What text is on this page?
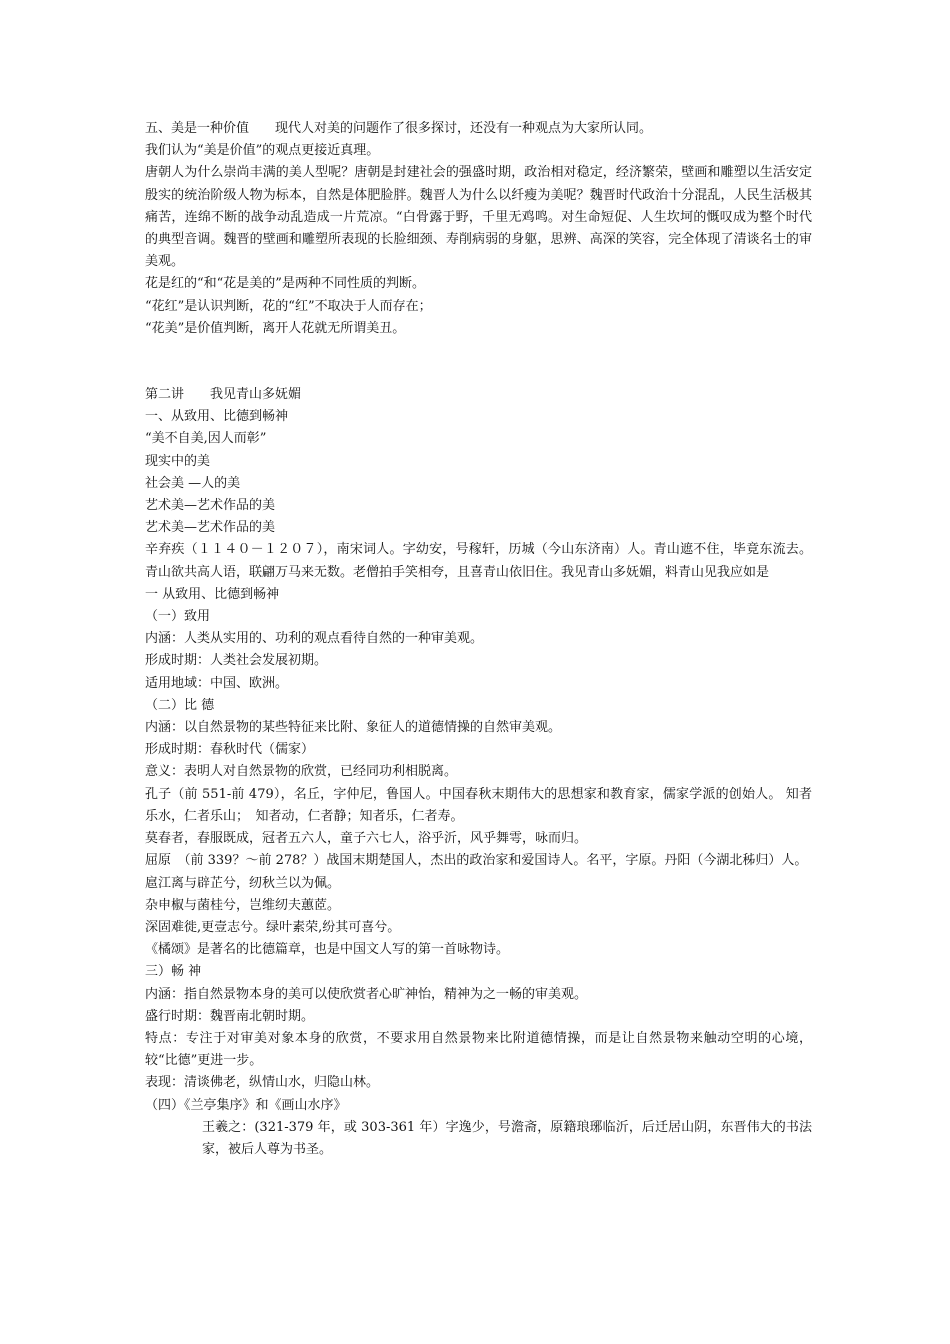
五、美是一种价值　　现代人对美的问题作了很多探讨，还没有一种观点为大家所认同。

我们认为“美是价值”的观点更接近真理。

唐朝人为什么崇尚丰满的美人型呢？唐朝是封建社会的强盛时期，政治相对稳定，经济繁荣，壁画和雕塑以生活安定殷实的统治阶级人物为标本，自然是体肥脸胖。魏晋人为什么以纤瘦为美呢？魏晋时代政治十分混乱，人民生活极其痛苦，连绵不断的战争动乱造成一片荒凉。“白骨露于野，千里无鸡鸣。对生命短促、人生坎坷的慨叹成为整个时代的典型音调。魏晋的壁画和雕塑所表现的长脸细颈、寿削病弱的身躯，思辨、高深的笑容，完全体现了清谈名士的审美观。

花是红的“和“花是美的”是两种不同性质的判断。

“花红”是认识判断，花的“红”不取决于人而存在；

“花美”是价值判断，离开人花就无所谓美丑。

第二讲　　我见青山多妩媚

一、从致用、比德到畅神

“美不自美,因人而彰”

现实中的美

社会美 —人的美

艺术美—艺术作品的美

艺术美—艺术作品的美

辛弃疾（１１４０－１２０７），南宋词人。字幼安，号稼轩，历城（今山东济南）人。青山遮不住，毕竟东流去。青山欲共高人语，联翩万马来无数。老僧拍手笑相夸，且喜青山依旧住。我见青山多妩媚，料青山见我应如是

一 从致用、比德到畅神

（一）致用

内涵：人类从实用的、功利的观点看待自然的一种审美观。

形成时期：人类社会发展初期。

适用地域：中国、欧洲。

（二）比 德

内涵：以自然景物的某些特征来比附、象征人的道德情操的自然审美观。

形成时期：春秋时代（儒家）

意义：表明人对自然景物的欣赏，已经同功利相脱离。

孔子（前 551-前 479），名丘，字仲尼，鲁国人。中国春秋末期伟大的思想家和教育家，儒家学派的创始人。 知者乐水，仁者乐山；　知者动，仁者静；知者乐，仁者寿。

莫春者，春服既成，冠者五六人，童子六七人，浴乎沂，风乎舞雩，咏而归。

屈原　（前 339？～前 278？）战国末期楚国人，杰出的政治家和爱国诗人。名平，字原。丹阳（今湖北秭归）人。

扈江离与辟芷兮，纫秋兰以为佩。

杂申椒与菌桂兮，岂维纫夫蕙茝。

深固难徙,更壹志兮。绿叶素荣,纷其可喜兮。

《橘颂》是著名的比德篇章，也是中国文人写的第一首咏物诗。

三）畅 神

内涵：指自然景物本身的美可以使欣赏者心旷神怡，精神为之一畅的审美观。

盛行时期：魏晋南北朝时期。

特点：专注于对审美对象本身的欣赏，不要求用自然景物来比附道德情操，而是让自然景物来触动空明的心境，较“比德”更进一步。

表现：清谈佛老，纵情山水，归隐山林。

（四）《兰亭集序》和《画山水序》

王羲之：(321-379 年，或 303-361 年）字逸少，号澹斋，原籍琅琊临沂，后迁居山阴，东晋伟大的书法家，被后人尊为书圣。
